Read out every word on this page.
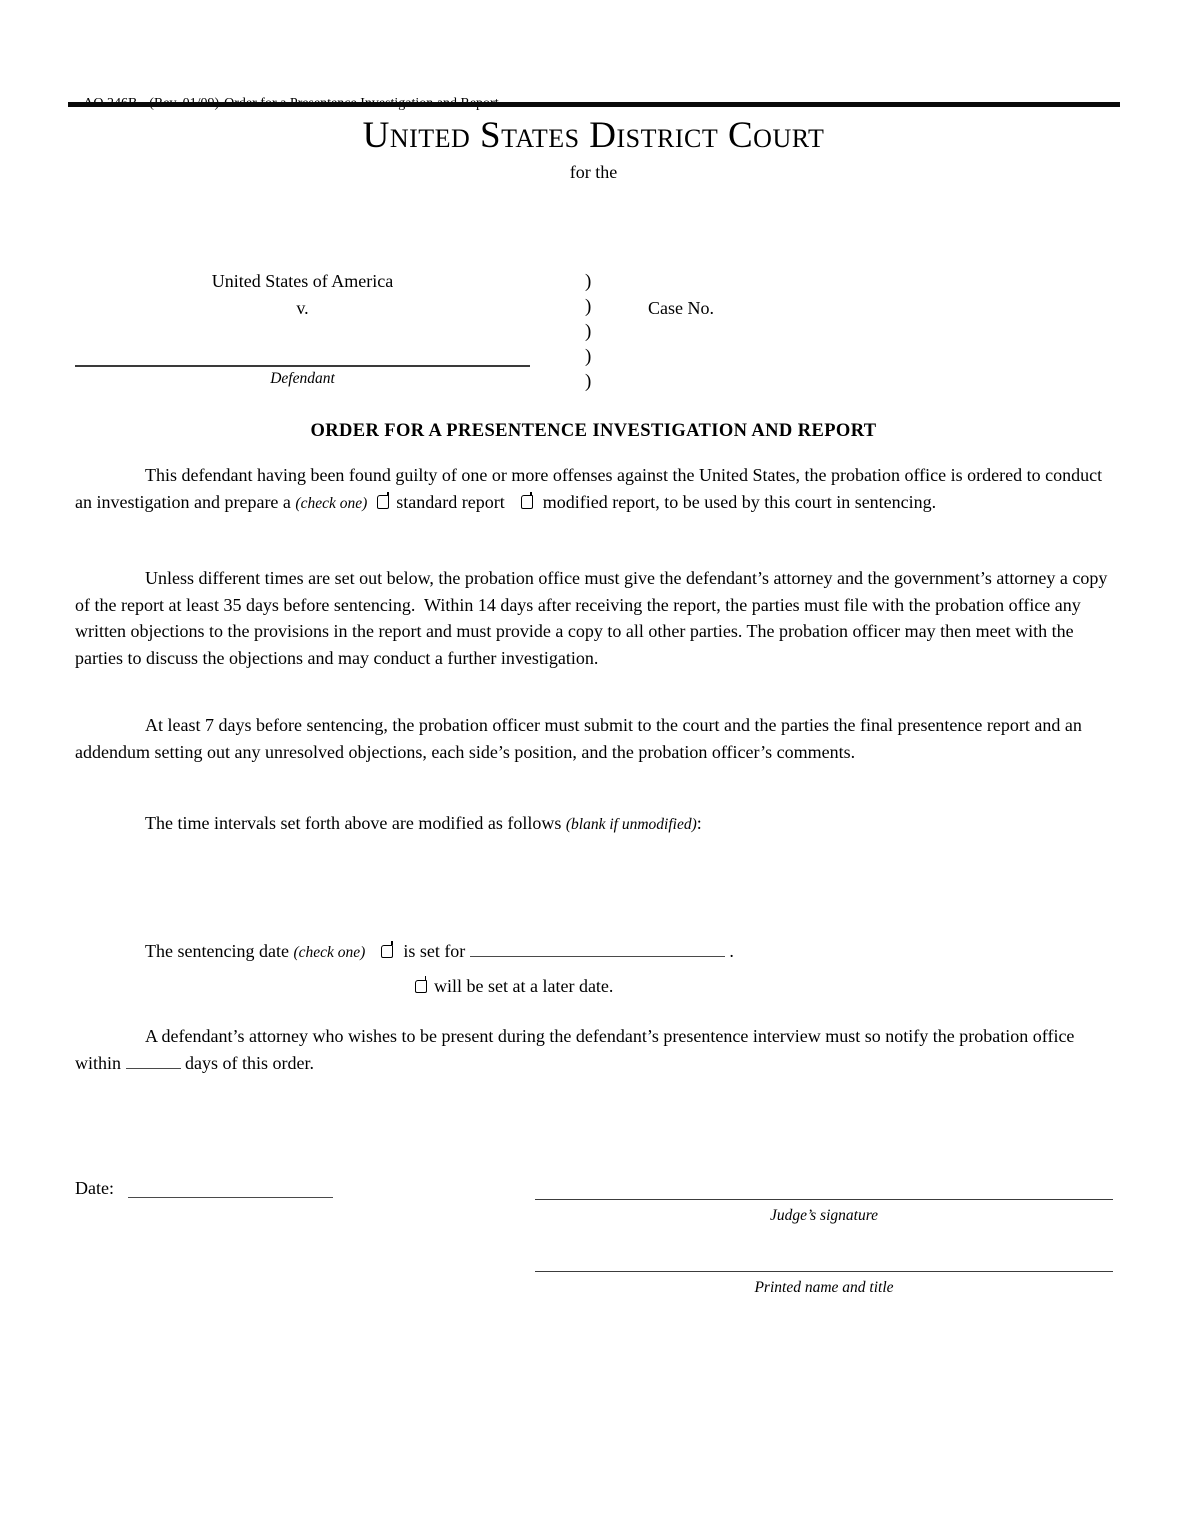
AO 246B (Rev. 01/09) Order for a Presentence Investigation and Report

United States District Court
for the
United States of America
v.
Defendant
)
)
)
)
)
Case No.
ORDER FOR A PRESENTENCE INVESTIGATION AND REPORT
This defendant having been found guilty of one or more offenses against the United States, the probation office is ordered to conduct an investigation and prepare a (check one) standard report modified report, to be used by this court in sentencing.
Unless different times are set out below, the probation office must give the defendant’s attorney and the government’s attorney a copy of the report at least 35 days before sentencing.  Within 14 days after receiving the report, the parties must file with the probation office any written objections to the provisions in the report and must provide a copy to all other parties. The probation officer may then meet with the parties to discuss the objections and may conduct a further investigation.
At least 7 days before sentencing, the probation officer must submit to the court and the parties the final presentence report and an addendum setting out any unresolved objections, each side’s position, and the probation officer’s comments.
The time intervals set forth above are modified as follows (blank if unmodified):
The sentencing date (check one) is set for	.
will be set at a later date.
A defendant’s attorney who wishes to be present during the defendant’s presentence interview must so notify the probation office within	days of this order.
Date:
Judge’s signature
Printed name and title
